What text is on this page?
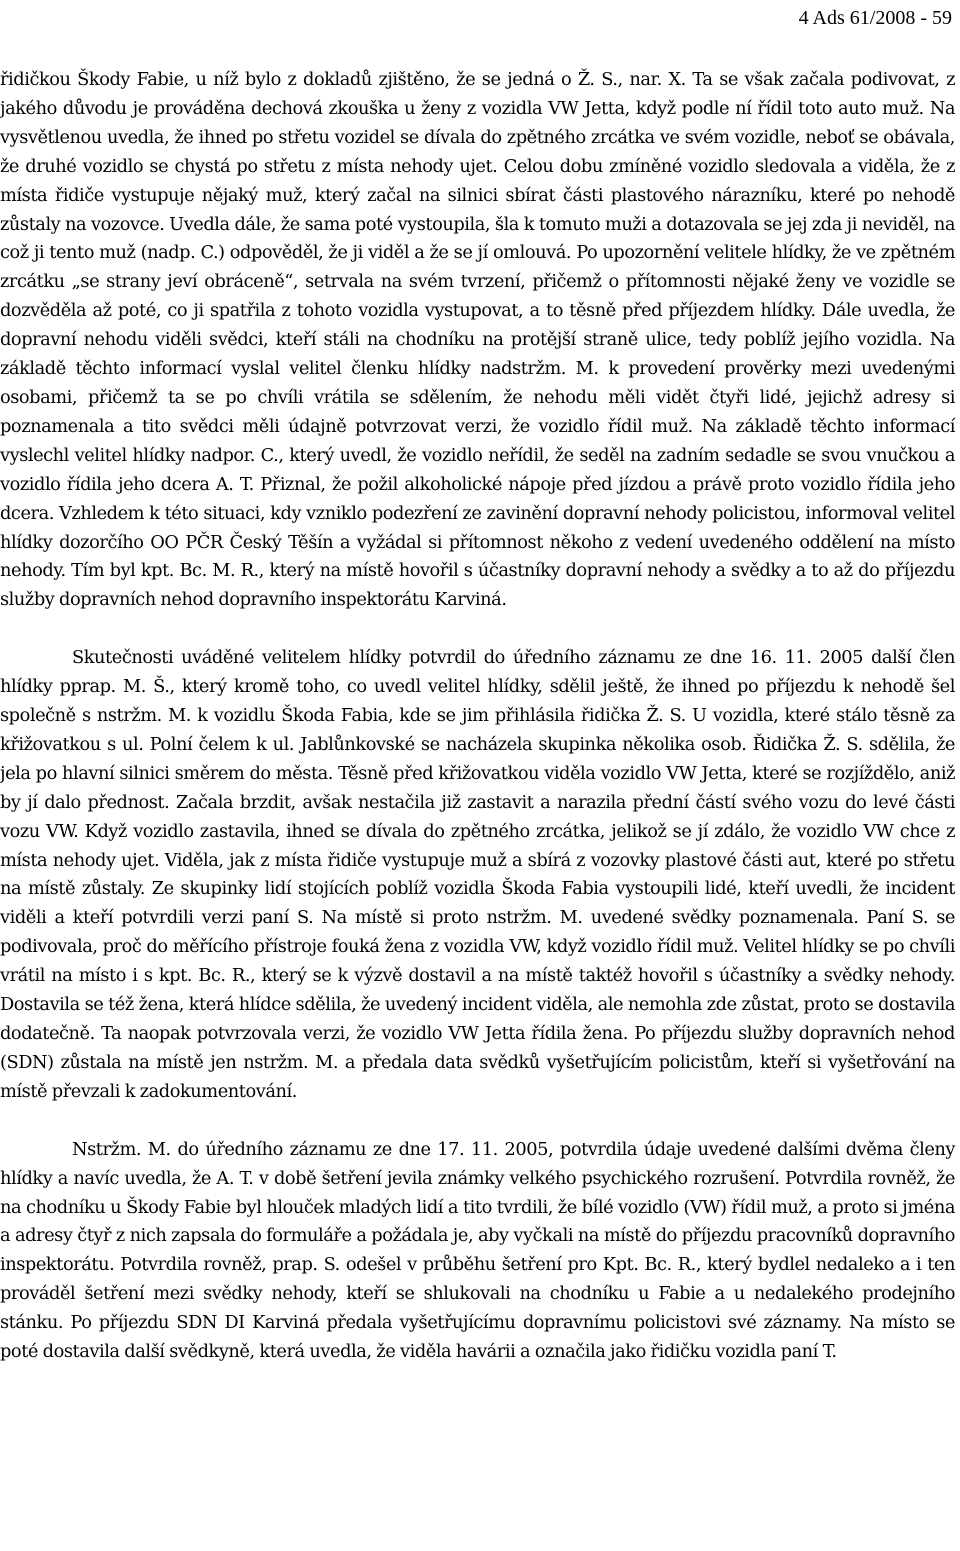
4 Ads 61/2008 - 59

řidičkou Škody Fabie, u níž bylo z dokladů zjištěno, že se jedná o Ž. S., nar. X. Ta se však začala podivovat, z jakého důvodu je prováděna dechová zkouška u ženy z vozidla VW Jetta, když podle ní řídil toto auto muž. Na vysvětlenou uvedla, že ihned po střetu vozidel se dívala do zpětného zrcátka ve svém vozidle, neboť se obávala, že druhé vozidlo se chystá po střetu z místa nehody ujet. Celou dobu zmíněné vozidlo sledovala a viděla, že z místa řidiče vystupuje nějaký muž, který začal na silnici sbírat části plastového nárazníku, které po nehodě zůstaly na vozovce. Uvedla dále, že sama poté vystoupila, šla k tomuto muži a dotazovala se jej zda ji neviděl, na což ji tento muž (nadp. C.) odpověděl, že ji viděl a že se jí omlouvá. Po upozornění velitele hlídky, že ve zpětném zrcátku „se strany jeví obráceně“, setrvala na svém tvrzení, přičemž o přítomnosti nějaké ženy ve vozidle se dozvěděla až poté, co ji spatřila z tohoto vozidla vystupovat, a to těsně před příjezdem hlídky. Dále uvedla, že dopravní nehodu viděli svědci, kteří stáli na chodníku na protější straně ulice, tedy poblíž jejího vozidla. Na základě těchto informací vyslal velitel členku hlídky nadstržm. M. k provedení prověrky mezi uvedenými osobami, přičemž ta se po chvíli vrátila se sdělením, že nehodu měli vidět čtyři lidé, jejichž adresy si poznamenala a tito svědci měli údajně potvrzovat verzi, že vozidlo řídil muž. Na základě těchto informací vyslechl velitel hlídky nadpor. C., který uvedl, že vozidlo neřídil, že seděl na zadním sedadle se svou vnučkou a vozidlo řídila jeho dcera A. T. Přiznal, že požil alkoholické nápoje před jízdou a právě proto vozidlo řídila jeho dcera. Vzhledem k této situaci, kdy vzniklo podezření ze zavinění dopravní nehody policistou, informoval velitel hlídky dozorčího OO PČR Český Těšín a vyžádal si přítomnost někoho z vedení uvedeného oddělení na místo nehody. Tím byl kpt. Bc. M. R., který na místě hovořil s účastníky dopravní nehody a svědky a to až do příjezdu služby dopravních nehod dopravního inspektorátu Karviná.

Skutečnosti uváděné velitelem hlídky potvrdil do úředního záznamu ze dne 16. 11. 2005 další člen hlídky pprap. M. Š., který kromě toho, co uvedl velitel hlídky, sdělil ještě, že ihned po příjezdu k nehodě šel společně s nstržm. M. k vozidlu Škoda Fabia, kde se jim přihlásila řidička Ž. S. U vozidla, které stálo těsně za křižovatkou s ul. Polní čelem k ul. Jablůnkovské se nacházela skupinka několika osob. Řidička Ž. S. sdělila, že jela po hlavní silnici směrem do města. Těsně před křižovatkou viděla vozidlo VW Jetta, které se rozjíždělo, aniž by jí dalo přednost. Začala brzdit, avšak nestačila již zastavit a narazila přední částí svého vozu do levé části vozu VW. Když vozidlo zastavila, ihned se dívala do zpětného zrcátka, jelikož se jí zdálo, že vozidlo VW chce z místa nehody ujet. Viděla, jak z místa řidiče vystupuje muž a sbírá z vozovky plastové části aut, které po střetu na místě zůstaly. Ze skupinky lidí stojících poblíž vozidla Škoda Fabia vystoupili lidé, kteří uvedli, že incident viděli a kteří potvrdili verzi paní S. Na místě si proto nstržm. M. uvedené svědky poznamenala. Paní S. se podivovala, proč do měřícího přístroje fouká žena z vozidla VW, když vozidlo řídil muž. Velitel hlídky se po chvíli vrátil na místo i s kpt. Bc. R., který se k výzvě dostavil a na místě taktéž hovořil s účastníky a svědky nehody. Dostavila se též žena, která hlídce sdělila, že uvedený incident viděla, ale nemohla zde zůstat, proto se dostavila dodatečně. Ta naopak potvrzovala verzi, že vozidlo VW Jetta řídila žena. Po příjezdu služby dopravních nehod (SDN) zůstala na místě jen nstržm. M. a předala data svědků vyšetřujícím policistům, kteří si vyšetřování na místě převzali k zadokumentování.

Nstržm. M. do úředního záznamu ze dne 17. 11. 2005, potvrdila údaje uvedené dalšími dvěma členy hlídky a navíc uvedla, že A. T. v době šetření jevila známky velkého psychického rozrušení. Potvrdila rovněž, že na chodníku u Škody Fabie byl hlouček mladých lidí a tito tvrdili, že bílé vozidlo (VW) řídil muž, a proto si jména a adresy čtyř z nich zapsala do formuláře a požádala je, aby vyčkali na místě do příjezdu pracovníků dopravního inspektorátu. Potvrdila rovněž, prap. S. odešel v průběhu šetření pro Kpt. Bc. R., který bydlel nedaleko a i ten prováděl šetření mezi svědky nehody, kteří se shlukovali na chodníku u Fabie a u nedalekého prodejního stánku. Po příjezdu SDN DI Karviná předala vyšetřujícímu dopravnímu policistovi své záznamy. Na místo se poté dostavila další svědkyně, která uvedla, že viděla havárii a označila jako řidičku vozidla paní T.
